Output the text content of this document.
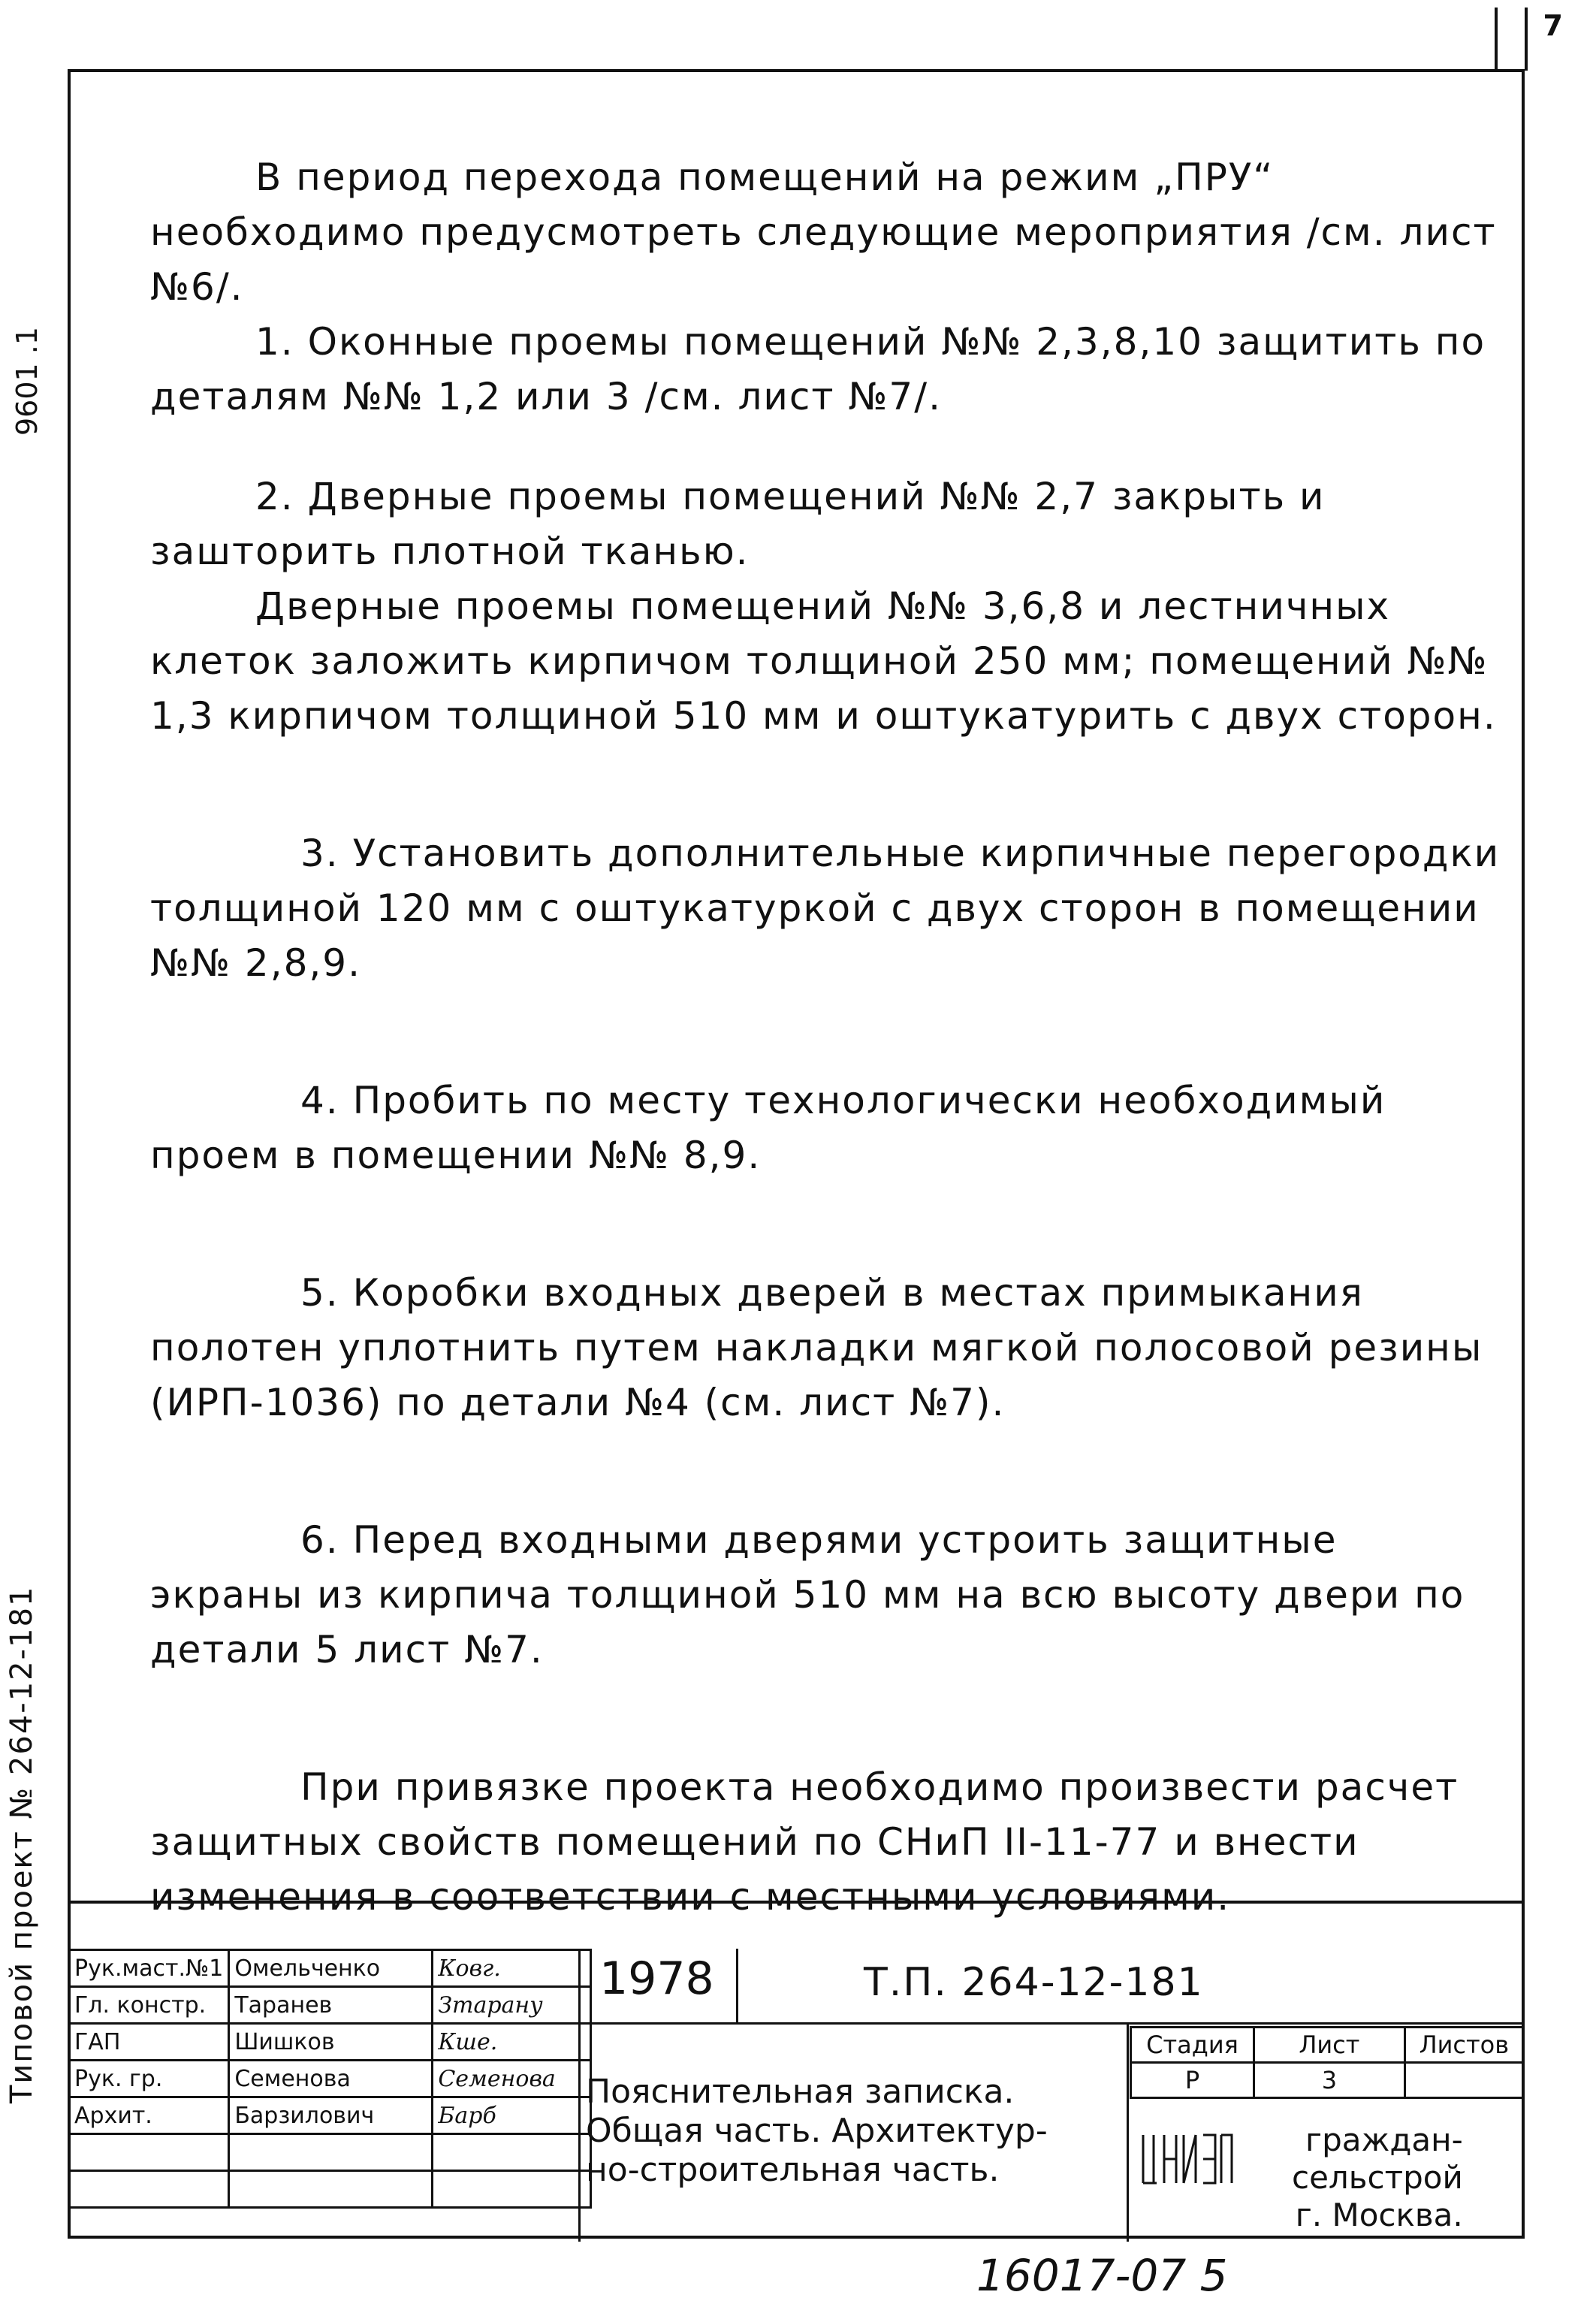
7
Типовой проект № 264-12-181
9601 .1

В период перехода помещений на режим „ПРУ“ необходимо предусмотреть следующие мероприятия /см. лист №6/.

1. Оконные проемы помещений №№ 2,3,8,10 защитить по деталям №№ 1,2 или 3 /см. лист №7/.

2. Дверные проемы помещений №№ 2,7 закрыть и зашторить плотной тканью.

Дверные проемы помещений №№ 3,6,8 и лестничных клеток заложить кирпичом толщиной 250 мм; помещений №№ 1,3 кирпичом толщиной 510 мм и оштукатурить с двух сторон.

3. Установить дополнительные кирпичные перегородки толщиной 120 мм с оштукатуркой с двух сторон в помещении №№ 2,8,9.

4. Пробить по месту технологически необходимый проем в помещении №№ 8,9.

5. Коробки входных дверей в местах примыкания полотен уплотнить путем накладки мягкой полосовой резины (ИРП-1036) по детали №4 (см. лист №7).

6. Перед входными дверями устроить защитные экраны из кирпича толщиной 510 мм на всю высоту двери по детали 5 лист №7.

При привязке проекта необходимо произвести расчет защитных свойств помещений по СНиП II-11-77 и внести изменения в соответствии с местными условиями.

Рук.маст.№1	Омельченко	Ковг.
Гл. констр.	Таранев	Зтарану
ГАП	Шишков	Кше.
Рук. гр.	Семенова	Семенова
Архит.	Барзилович	Барб

1978	Т.П. 264-12-181
Стадия	Лист	Листов
Р	3	
Пояснительная записка.
Общая часть. Архитектур-
но-строительная часть.
граждан-
сельстрой
г. Москва.
16017-07 5
